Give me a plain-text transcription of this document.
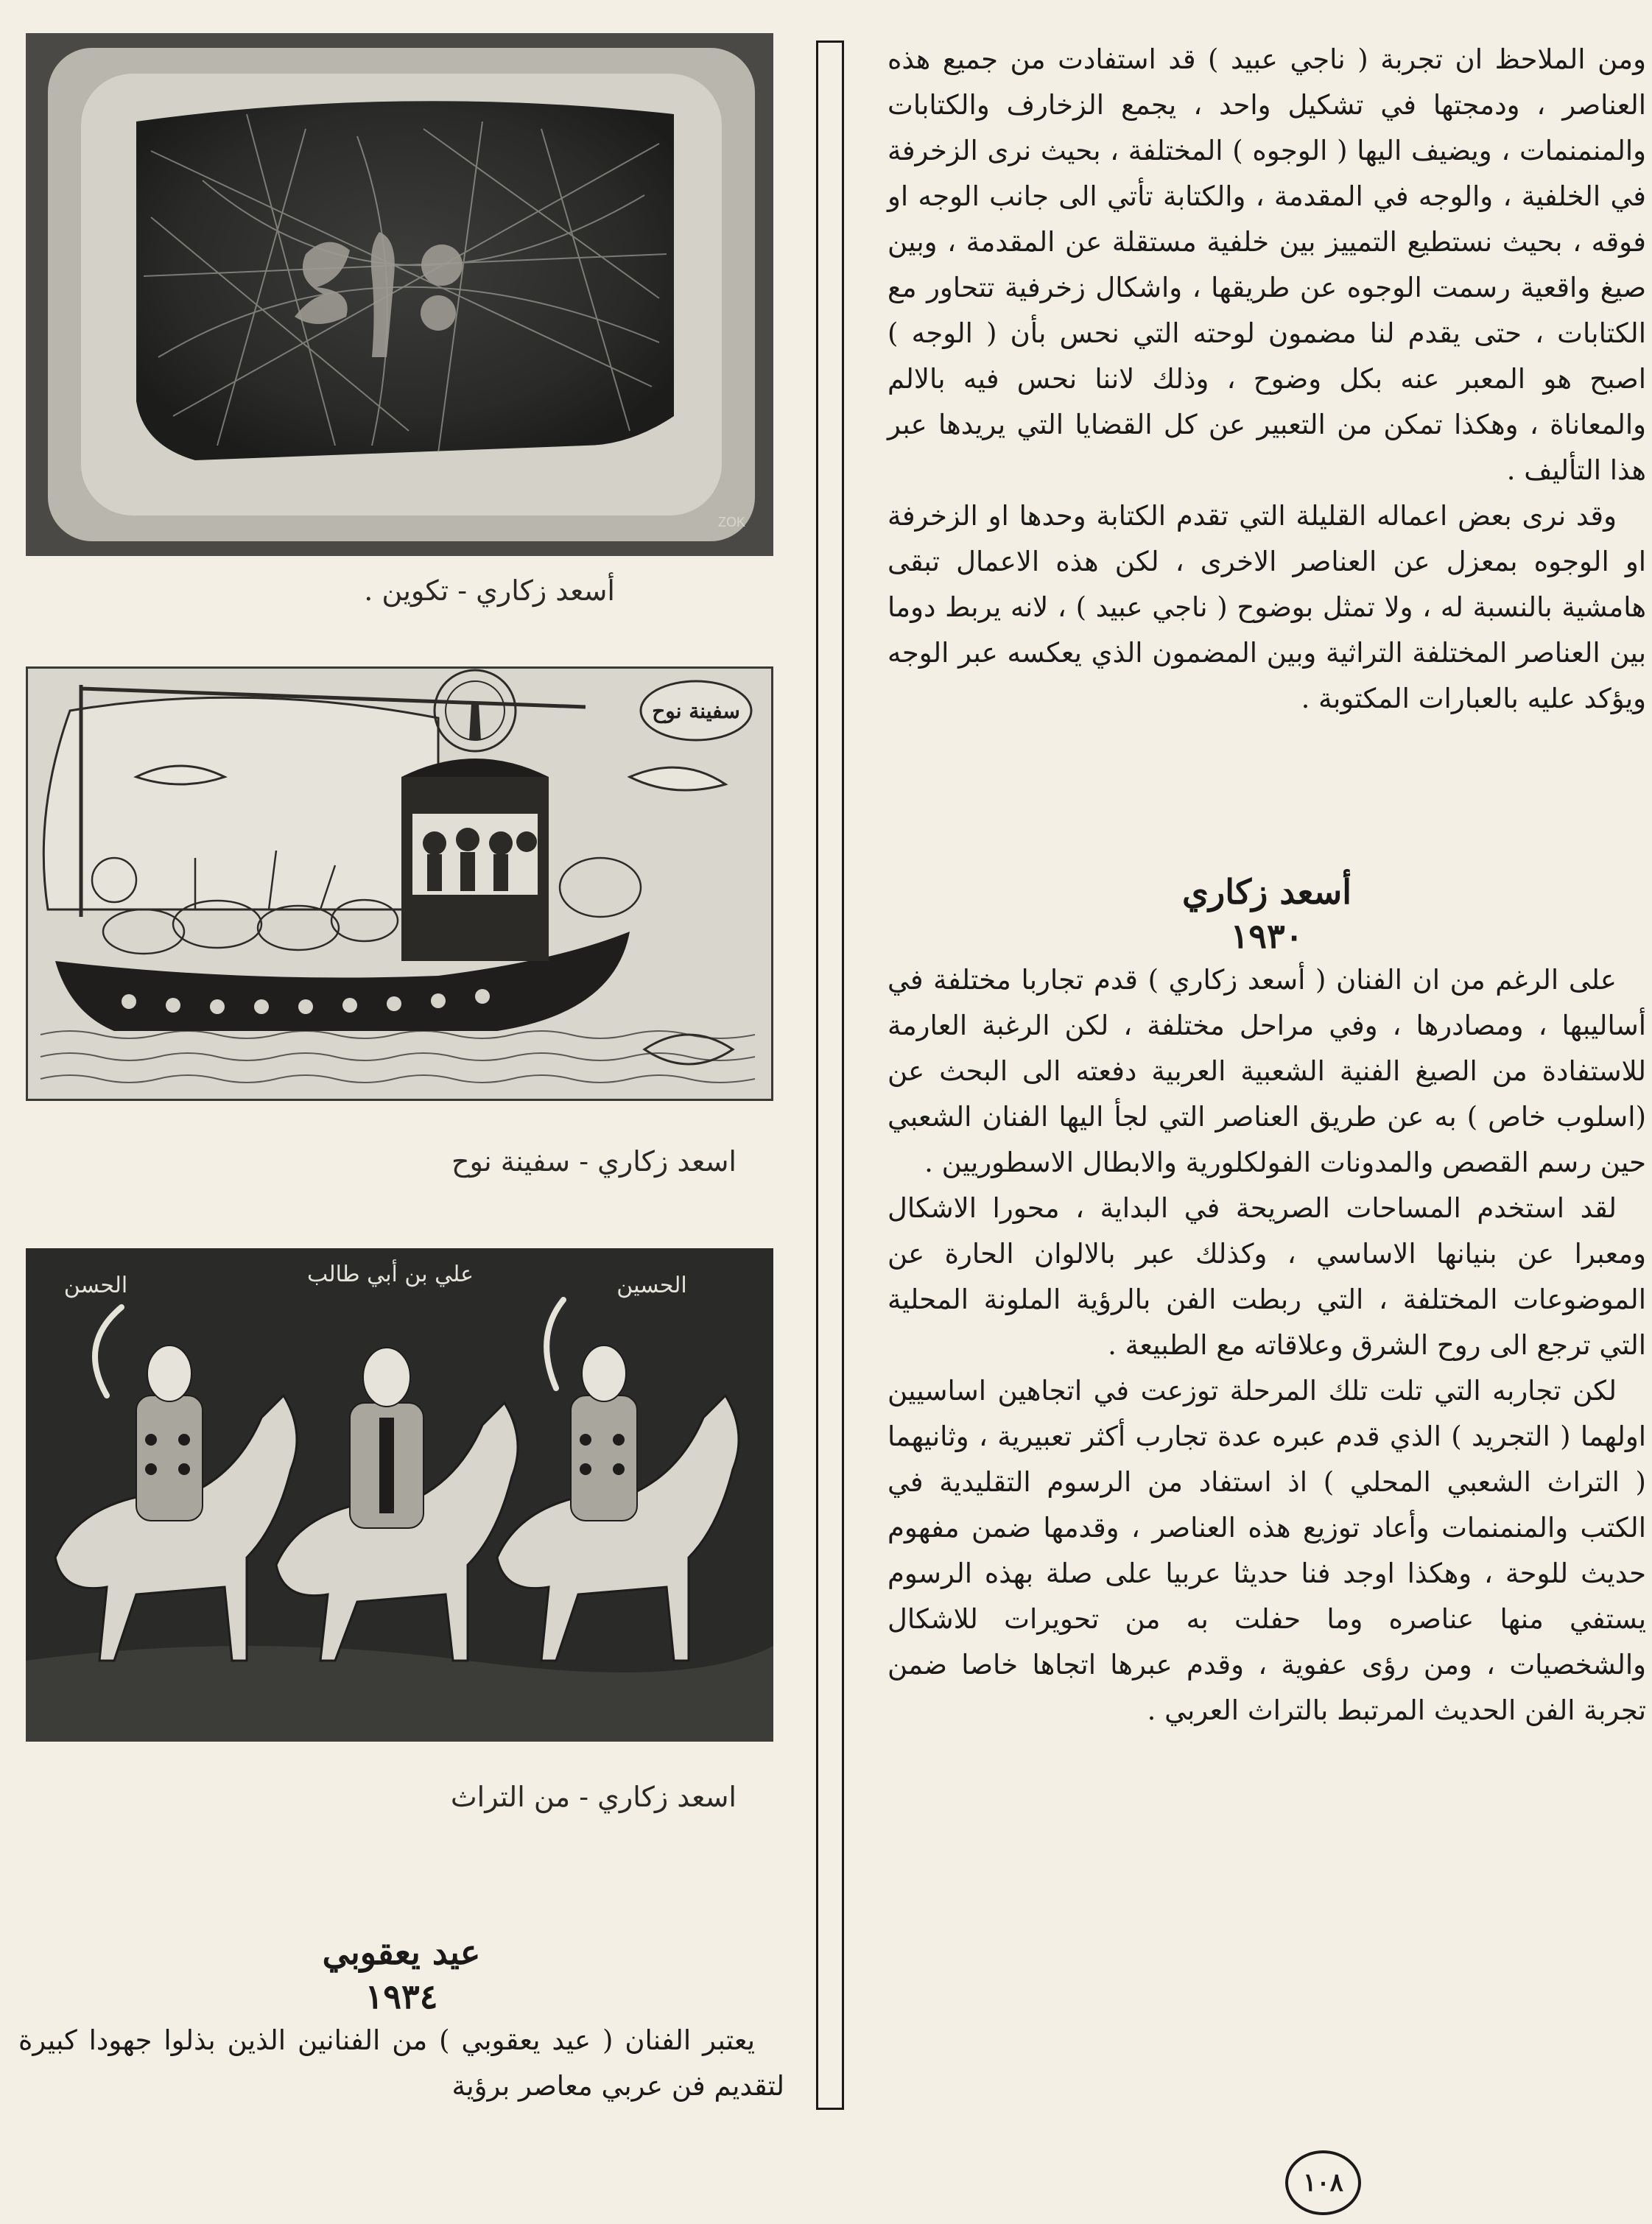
ومن الملاحظ ان تجربة ( ناجي عبيد ) قد استفادت من جميع هذه العناصر ، ودمجتها في تشكيل واحد ، يجمع الزخارف والكتابات والمنمنمات ، ويضيف اليها ( الوجوه ) المختلفة ، بحيث نرى الزخرفة في الخلفية ، والوجه في المقدمة ، والكتابة تأتي الى جانب الوجه او فوقه ، بحيث نستطيع التمييز بين خلفية مستقلة عن المقدمة ، وبين صيغ واقعية رسمت الوجوه عن طريقها ، واشكال زخرفية تتحاور مع الكتابات ، حتى يقدم لنا مضمون لوحته التي نحس بأن ( الوجه ) اصبح هو المعبر عنه بكل وضوح ، وذلك لاننا نحس فيه بالالم والمعاناة ، وهكذا تمكن من التعبير عن كل القضايا التي يريدها عبر هذا التأليف .

وقد نرى بعض اعماله القليلة التي تقدم الكتابة وحدها او الزخرفة او الوجوه بمعزل عن العناصر الاخرى ، لكن هذه الاعمال تبقى هامشية بالنسبة له ، ولا تمثل بوضوح ( ناجي عبيد ) ، لانه يربط دوما بين العناصر المختلفة التراثية وبين المضمون الذي يعكسه عبر الوجه ويؤكد عليه بالعبارات المكتوبة .

أسعد زكاري

١٩٣٠

على الرغم من ان الفنان ( أسعد زكاري ) قدم تجاربا مختلفة في أساليبها ، ومصادرها ، وفي مراحل مختلفة ، لكن الرغبة العارمة للاستفادة من الصيغ الفنية الشعبية العربية دفعته الى البحث عن (اسلوب خاص ) به عن طريق العناصر التي لجأ اليها الفنان الشعبي حين رسم القصص والمدونات الفولكلورية والابطال الاسطوريين .

لقد استخدم المساحات الصريحة في البداية ، محورا الاشكال ومعبرا عن بنيانها الاساسي ، وكذلك عبر بالالوان الحارة عن الموضوعات المختلفة ، التي ربطت الفن بالرؤية الملونة المحلية التي ترجع الى روح الشرق وعلاقاته مع الطبيعة .

لكن تجاربه التي تلت تلك المرحلة توزعت في اتجاهين اساسيين اولهما ( التجريد ) الذي قدم عبره عدة تجارب أكثر تعبيرية ، وثانيهما ( التراث الشعبي المحلي ) اذ استفاد من الرسوم التقليدية في الكتب والمنمنمات وأعاد توزيع هذه العناصر ، وقدمها ضمن مفهوم حديث للوحة ، وهكذا اوجد فنا حديثا عربيا على صلة بهذه الرسوم يستفي منها عناصره وما حفلت به من تحويرات للاشكال والشخصيات ، ومن رؤى عفوية ، وقدم عبرها اتجاها خاصا ضمن تجربة الفن الحديث المرتبط بالتراث العربي .

ZOK
أسعد زكاري - تكوين .
سفينة نوح
اسعد زكاري - سفينة نوح
الحسن	علي بن أبي طالب	الحسين
اسعد زكاري - من التراث

عيد يعقوبي

١٩٣٤

يعتبر الفنان ( عيد يعقوبي ) من الفنانين الذين بذلوا جهودا كبيرة لتقديم فن عربي معاصر برؤية

١٠٨
